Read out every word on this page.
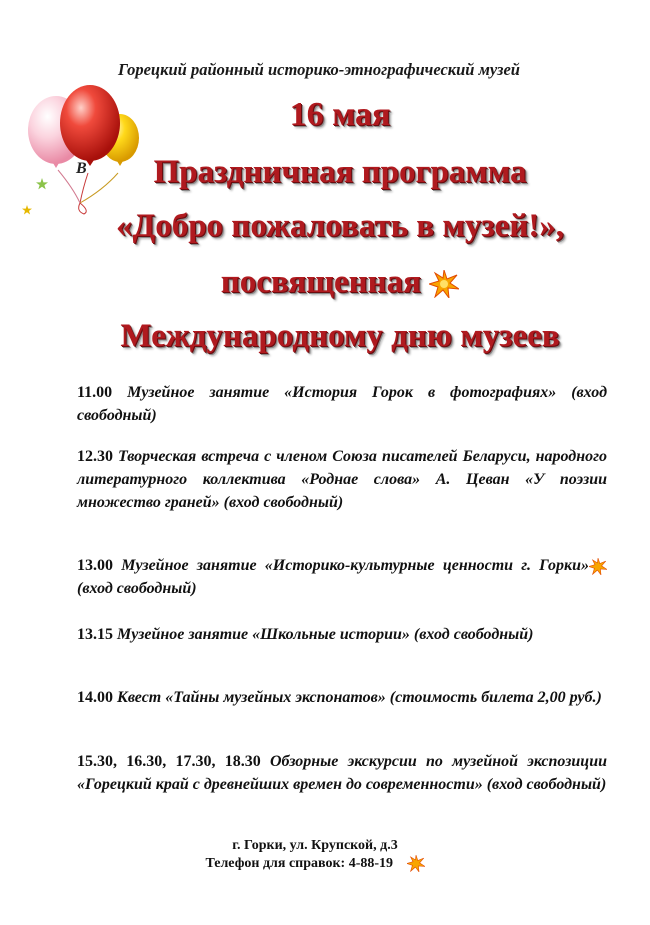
Горецкий районный историко-этнографический музей
В
16 мая
Праздничная программа
«Добро пожаловать в музей!»,
посвященная
Международному дню музеев
11.00 Музейное занятие «История Горок в фотографиях» (вход свободный)
12.30 Творческая встреча с членом Союза писателей Беларуси, народного литературного коллектива «Роднае слова» А. Цеван «У поэзии множество граней» (вход свободный)
13.00 Музейное занятие «Историко-культурные ценности г. Горки» (вход свободный)
13.15 Музейное занятие «Школьные истории» (вход свободный)
14.00 Квест «Тайны музейных экспонатов» (стоимость билета 2,00 руб.)
15.30, 16.30, 17.30, 18.30 Обзорные экскурсии по музейной экспозиции «Горецкий край с древнейших времен до современности» (вход свободный)
г. Горки, ул. Крупской, д.3
Телефон для справок: 4-88-19
